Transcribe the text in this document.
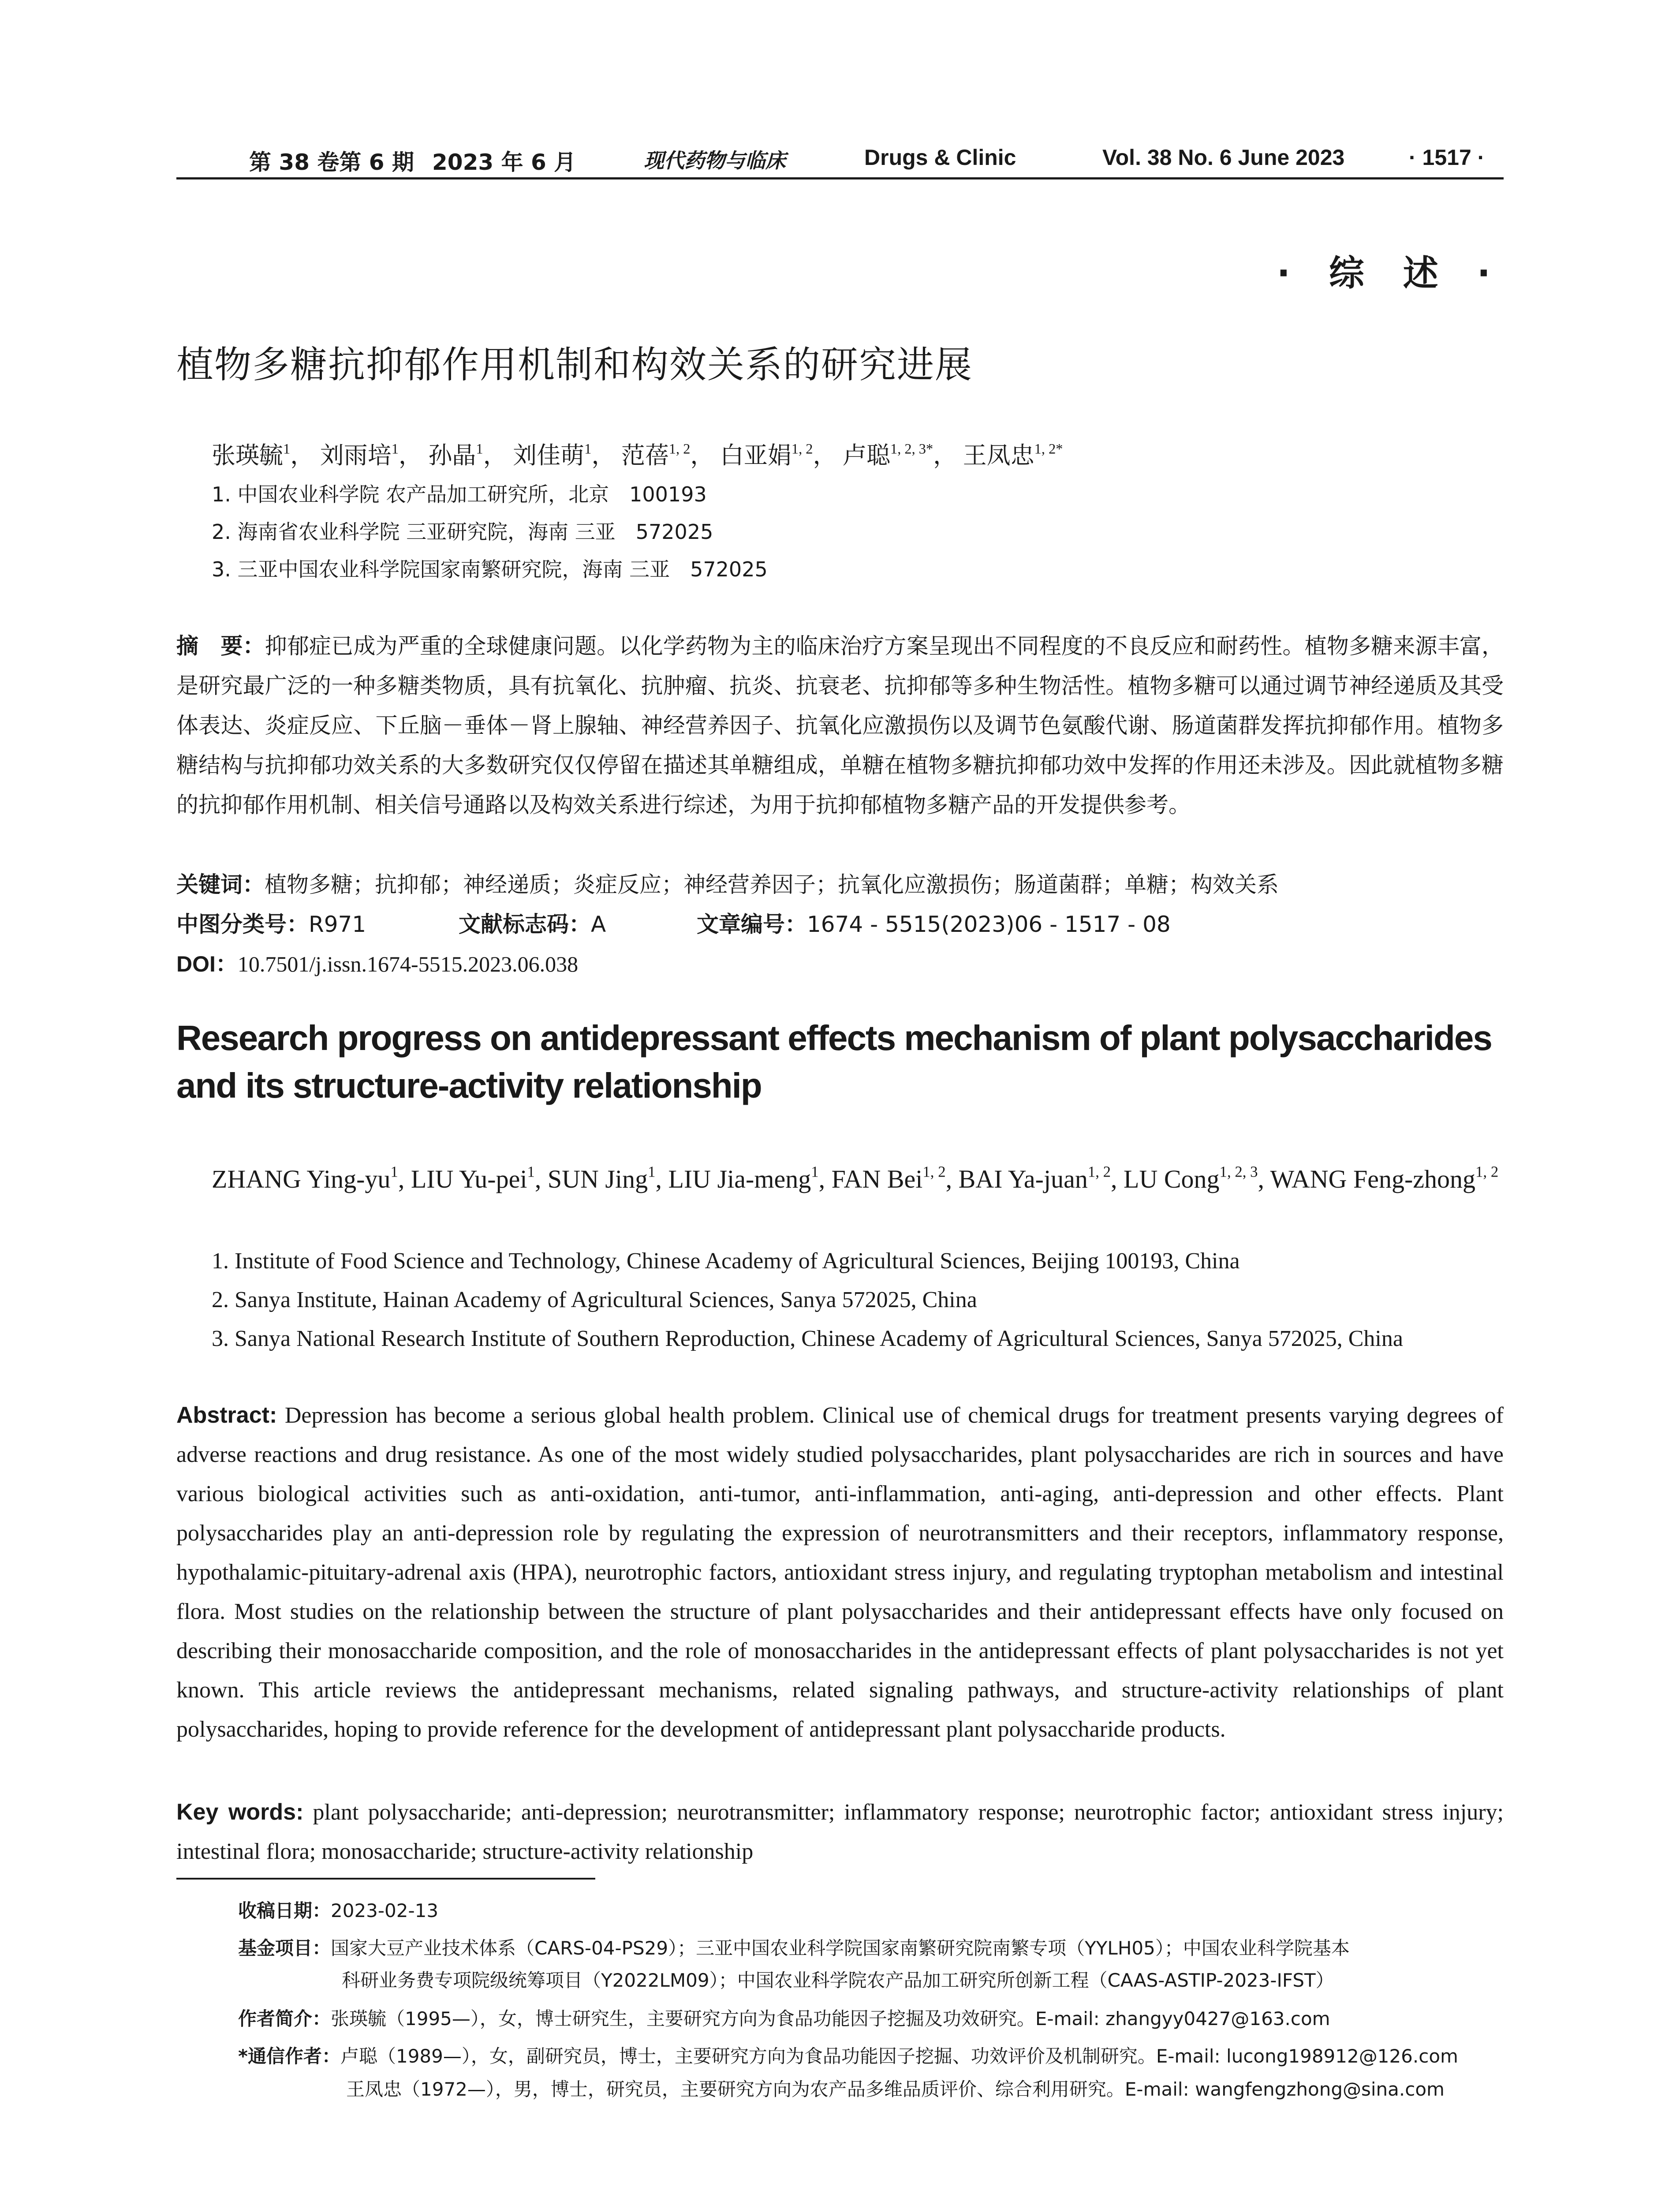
第 38 卷第 6 期 2023 年 6 月	现代药物与临床	Drugs & Clinic	Vol. 38 No. 6 June 2023	· 1517 ·
· 综 述 ·
植物多糖抗抑郁作用机制和构效关系的研究进展
张瑛毓$^1$， 刘雨培$^1$， 孙晶$^1$， 刘佳萌$^1$， 范蓓$^{1, 2}$， 白亚娟$^{1, 2}$， 卢聪$^{1, 2, 3*}$， 王凤忠$^{1, 2*}$
1. 中国农业科学院 农产品加工研究所，北京　100193
2. 海南省农业科学院 三亚研究院，海南 三亚　572025
3. 三亚中国农业科学院国家南繁研究院，海南 三亚　572025
摘　要：抑郁症已成为严重的全球健康问题。以化学药物为主的临床治疗方案呈现出不同程度的不良反应和耐药性。植物多糖来源丰富，是研究最广泛的一种多糖类物质，具有抗氧化、抗肿瘤、抗炎、抗衰老、抗抑郁等多种生物活性。植物多糖可以通过调节神经递质及其受体表达、炎症反应、下丘脑－垂体－肾上腺轴、神经营养因子、抗氧化应激损伤以及调节色氨酸代谢、肠道菌群发挥抗抑郁作用。植物多糖结构与抗抑郁功效关系的大多数研究仅仅停留在描述其单糖组成，单糖在植物多糖抗抑郁功效中发挥的作用还未涉及。因此就植物多糖的抗抑郁作用机制、相关信号通路以及构效关系进行综述，为用于抗抑郁植物多糖产品的开发提供参考。
关键词：植物多糖；抗抑郁；神经递质；炎症反应；神经营养因子；抗氧化应激损伤；肠道菌群；单糖；构效关系
中图分类号：R971	文献标志码：A	文章编号：1674 - 5515(2023)06 - 1517 - 08
DOI：10.7501/j.issn.1674-5515.2023.06.038
Research progress on antidepressant effects mechanism of plant polysaccharides and its structure-activity relationship
ZHANG Ying-$yu^1$, LIU Yu-pei$^1$, SUN Jing$^1$, LIU Jia-meng$^1$, FAN Bei$^{1, 2}$, BAI Ya-juan$^{1, 2}$, LU Cong$^{1, 2, 3}$, WANG Feng-zhong$^{1, 2}$
1. Institute of Food Science and Technology, Chinese Academy of Agricultural Sciences, Beijing 100193, China
2. Sanya Institute, Hainan Academy of Agricultural Sciences, Sanya 572025, China
3. Sanya National Research Institute of Southern Reproduction, Chinese Academy of Agricultural Sciences, Sanya 572025, China
Abstract: Depression has become a serious global health problem. Clinical use of chemical drugs for treatment presents varying degrees of adverse reactions and drug resistance. As one of the most widely studied polysaccharides, plant polysaccharides are rich in sources and have various biological activities such as anti-oxidation, anti-tumor, anti-inflammation, anti-aging, anti-depression and other effects. Plant polysaccharides play an anti-depression role by regulating the expression of neurotransmitters and their receptors, inflammatory response, hypothalamic-pituitary-adrenal axis (HPA), neurotrophic factors, antioxidant stress injury, and regulating tryptophan metabolism and intestinal flora. Most studies on the relationship between the structure of plant polysaccharides and their antidepressant effects have only focused on describing their monosaccharide composition, and the role of monosaccharides in the antidepressant effects of plant polysaccharides is not yet known. This article reviews the antidepressant mechanisms, related signaling pathways, and structure-activity relationships of plant polysaccharides, hoping to provide reference for the development of antidepressant plant polysaccharide products.
Key words: plant polysaccharide; anti-depression; neurotransmitter; inflammatory response; neurotrophic factor; antioxidant stress injury; intestinal flora; monosaccharide; structure-activity relationship
收稿日期：2023-02-13
基金项目：国家大豆产业技术体系（CARS-04-PS29）；三亚中国农业科学院国家南繁研究院南繁专项（YYLH05）；中国农业科学院基本
科研业务费专项院级统筹项目（Y2022LM09）；中国农业科学院农产品加工研究所创新工程（CAAS-ASTIP-2023-IFST）
作者简介：张瑛毓（1995—），女，博士研究生，主要研究方向为食品功能因子挖掘及功效研究。E-mail: zhangyy0427@163.com
*通信作者：卢聪（1989—），女，副研究员，博士，主要研究方向为食品功能因子挖掘、功效评价及机制研究。E-mail: lucong198912@126.com
王凤忠（1972—），男，博士，研究员，主要研究方向为农产品多维品质评价、综合利用研究。E-mail: wangfengzhong@sina.com
